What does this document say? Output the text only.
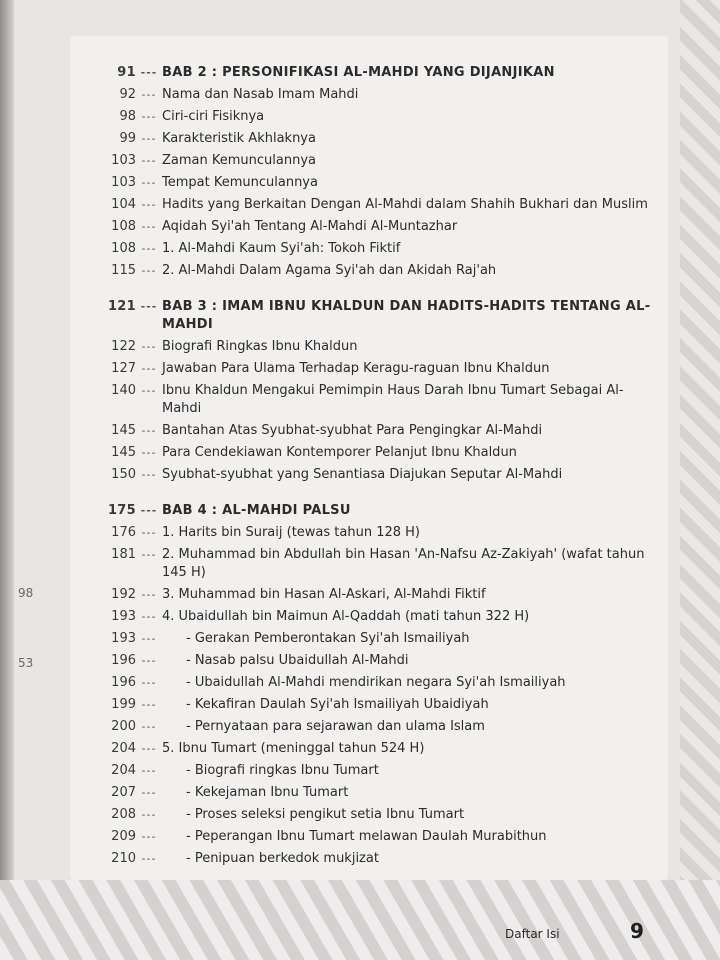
98
53
91 --- BAB 2 : PERSONIFIKASI AL-MAHDI YANG DIJANJIKAN
92 --- Nama dan Nasab Imam Mahdi
98 --- Ciri-ciri Fisiknya
99 --- Karakteristik Akhlaknya
103 --- Zaman Kemunculannya
103 --- Tempat Kemunculannya
104 --- Hadits yang Berkaitan Dengan Al-Mahdi dalam Shahih Bukhari dan Muslim
108 --- Aqidah Syi'ah Tentang Al-Mahdi Al-Muntazhar
108 --- 1. Al-Mahdi Kaum Syi'ah: Tokoh Fiktif
115 --- 2. Al-Mahdi Dalam Agama Syi'ah dan Akidah Raj'ah
121 --- BAB 3 : IMAM IBNU KHALDUN DAN HADITS-HADITS TENTANG AL-MAHDI
122 --- Biografi Ringkas Ibnu Khaldun
127 --- Jawaban Para Ulama Terhadap Keragu-raguan Ibnu Khaldun
140 --- Ibnu Khaldun Mengakui Pemimpin Haus Darah Ibnu Tumart Sebagai Al-Mahdi
145 --- Bantahan Atas Syubhat-syubhat Para Pengingkar Al-Mahdi
145 --- Para Cendekiawan Kontemporer Pelanjut Ibnu Khaldun
150 --- Syubhat-syubhat yang Senantiasa Diajukan Seputar Al-Mahdi
175 --- BAB 4 : AL-MAHDI PALSU
176 --- 1. Harits bin Suraij (tewas tahun 128 H)
181 --- 2. Muhammad bin Abdullah bin Hasan 'An-Nafsu Az-Zakiyah' (wafat tahun 145 H)
192 --- 3. Muhammad bin Hasan Al-Askari, Al-Mahdi Fiktif
193 --- 4. Ubaidullah bin Maimun Al-Qaddah (mati tahun 322 H)
193 ---	- Gerakan Pemberontakan Syi'ah Ismailiyah
196 ---	- Nasab palsu Ubaidullah Al-Mahdi
196 ---	- Ubaidullah Al-Mahdi mendirikan negara Syi'ah Ismailiyah
199 ---	- Kekafiran Daulah Syi'ah Ismailiyah Ubaidiyah
200 ---	- Pernyataan para sejarawan dan ulama Islam
204 --- 5. Ibnu Tumart (meninggal tahun 524 H)
204 ---	- Biografi ringkas Ibnu Tumart
207 ---	- Kekejaman Ibnu Tumart
208 ---	- Proses seleksi pengikut setia Ibnu Tumart
209 ---	- Peperangan Ibnu Tumart melawan Daulah Murabithun
210 ---	- Penipuan berkedok mukjizat
Daftar Isi	9
